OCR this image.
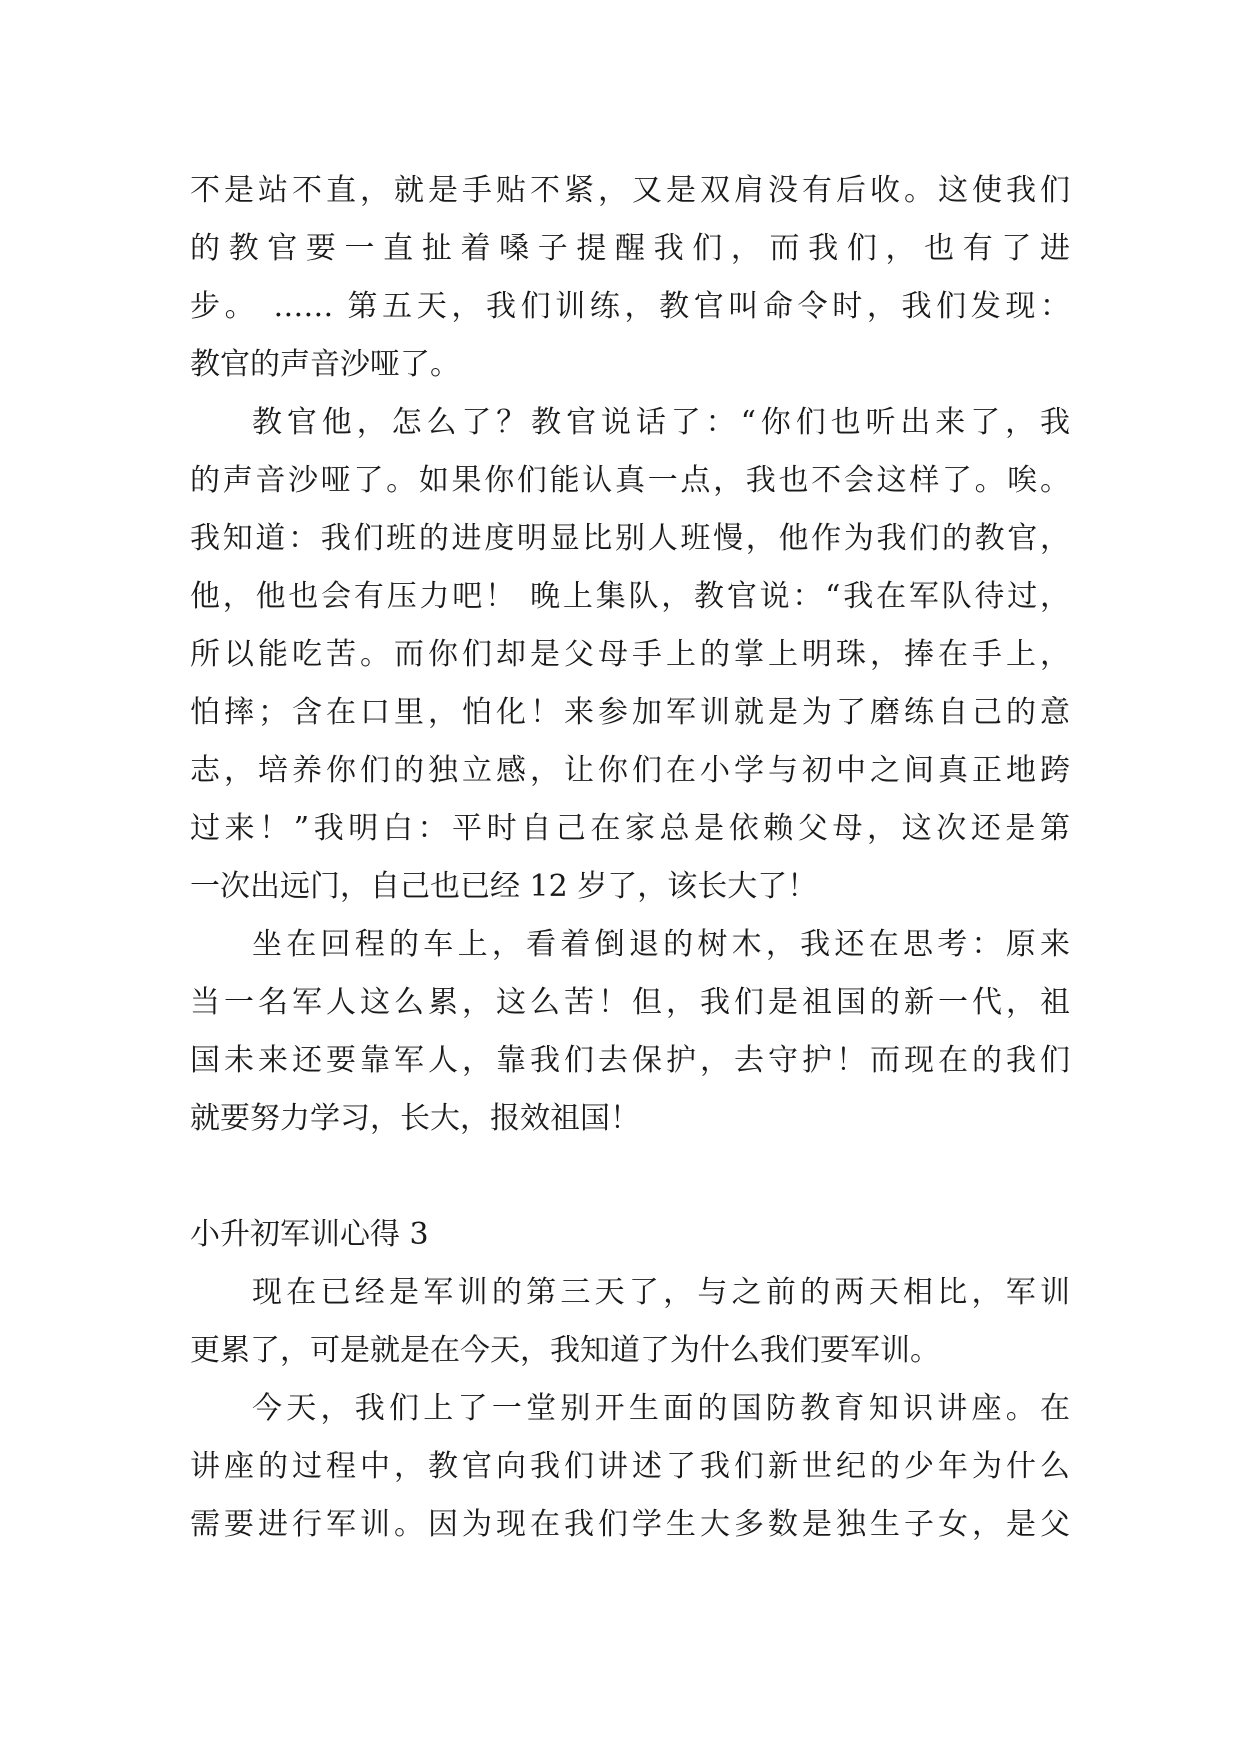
不是站不直，就是手贴不紧，又是双肩没有后收。这使我们
的教官要一直扯着嗓子提醒我们，而我们，也有了进
步。 …… 第五天，我们训练，教官叫命令时，我们发现：
教官的声音沙哑了。
教官他，怎么了？教官说话了：“你们也听出来了，我
的声音沙哑了。如果你们能认真一点，我也不会这样了。唉。
我知道：我们班的进度明显比别人班慢，他作为我们的教官，
他，他也会有压力吧！ 晚上集队，教官说：“我在军队待过，
所以能吃苦。而你们却是父母手上的掌上明珠，捧在手上，
怕摔；含在口里，怕化！来参加军训就是为了磨练自己的意
志，培养你们的独立感，让你们在小学与初中之间真正地跨
过来！”我明白：平时自己在家总是依赖父母，这次还是第
一次出远门，自己也已经 12 岁了，该长大了！
坐在回程的车上，看着倒退的树木，我还在思考：原来
当一名军人这么累，这么苦！但，我们是祖国的新一代，祖
国未来还要靠军人，靠我们去保护，去守护！而现在的我们
就要努力学习，长大，报效祖国！
小升初军训心得 3
现在已经是军训的第三天了，与之前的两天相比，军训
更累了，可是就是在今天，我知道了为什么我们要军训。
今天，我们上了一堂别开生面的国防教育知识讲座。在
讲座的过程中，教官向我们讲述了我们新世纪的少年为什么
需要进行军训。因为现在我们学生大多数是独生子女，是父
